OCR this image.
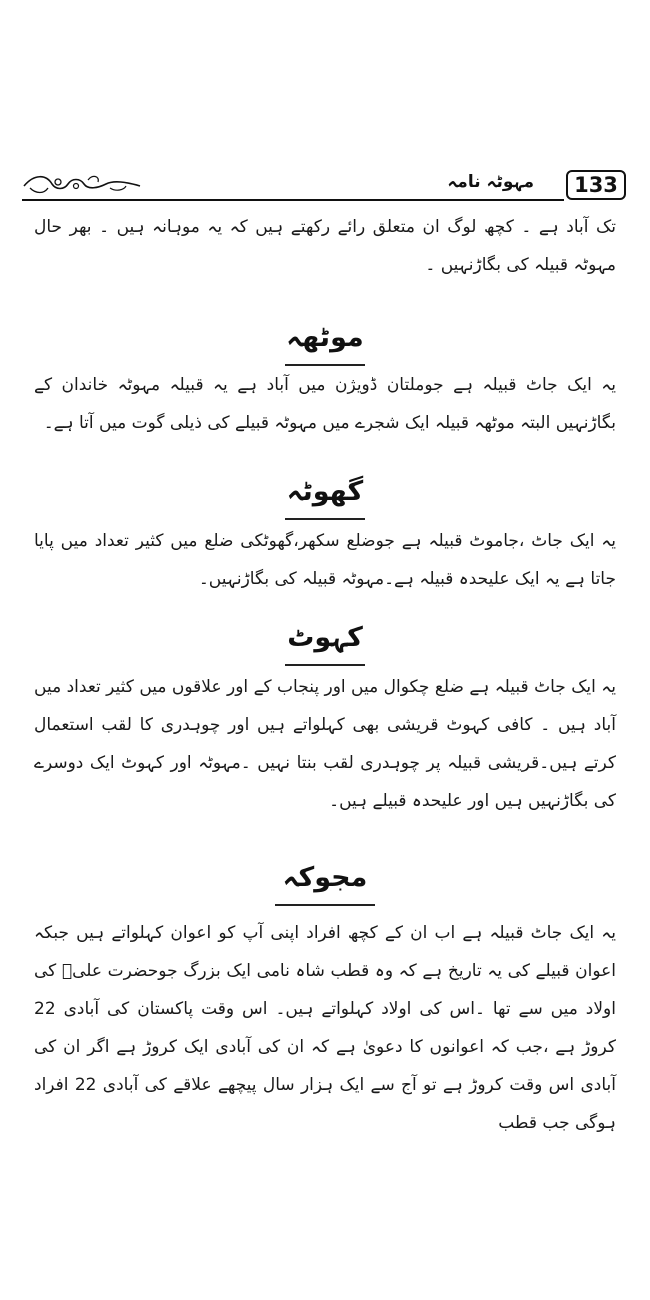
مہوٹہ نامہ	133

تک آباد ہے ۔ کچھ لوگ ان متعلق رائے رکھتے ہیں کہ یہ موہانہ ہیں ۔ بھر حال مہوٹہ قبیلہ کی بگاڑنہیں ۔

موٹھہ

یہ ایک جاٹ قبیلہ ہے جوملتان ڈویژن میں آباد ہے یہ قبیلہ مہوٹہ خاندان کے بگاڑنہیں البتہ موٹھہ قبیلہ ایک شجرے میں مہوٹہ قبیلے کی ذیلی گوت میں آتا ہے۔

گھوٹہ

یہ ایک جاٹ ،جاموٹ قبیلہ ہے جوضلع سکھر،گھوٹکی ضلع میں کثیر تعداد میں پایا جاتا ہے یہ ایک علیحدہ قبیلہ ہے۔مہوٹہ قبیلہ کی بگاڑنہیں۔

کہوٹ

یہ ایک جاٹ قبیلہ ہے ضلع چکوال میں اور پنجاب کے اور علاقوں میں کثیر تعداد میں آباد ہیں ۔ کافی کہوٹ قریشی بھی کہلواتے ہیں اور چوہدری کا لقب استعمال کرتے ہیں۔قریشی قبیلہ پر چوہدری لقب بنتا نہیں ۔مہوٹہ اور کہوٹ ایک دوسرے کی بگاڑنہیں ہیں اور علیحدہ قبیلے ہیں۔

مجوکہ

یہ ایک جاٹ قبیلہ ہے اب ان کے کچھ افراد اپنی آپ کو اعوان کہلواتے ہیں جبکہ اعوان قبیلے کی یہ تاریخ ہے کہ وہ قطب شاہ نامی ایک بزرگ جوحضرت علیؑ کی اولاد میں سے تھا ۔اس کی اولاد کہلواتے ہیں۔ اس وقت پاکستان کی آبادی 22 کروڑ ہے ،جب کہ اعوانوں کا دعویٰ ہے کہ ان کی آبادی ایک کروڑ ہے اگر ان کی آبادی اس وقت کروڑ ہے تو آج سے ایک ہزار سال پیچھے علاقے کی آبادی 22 افراد ہوگی جب قطب
